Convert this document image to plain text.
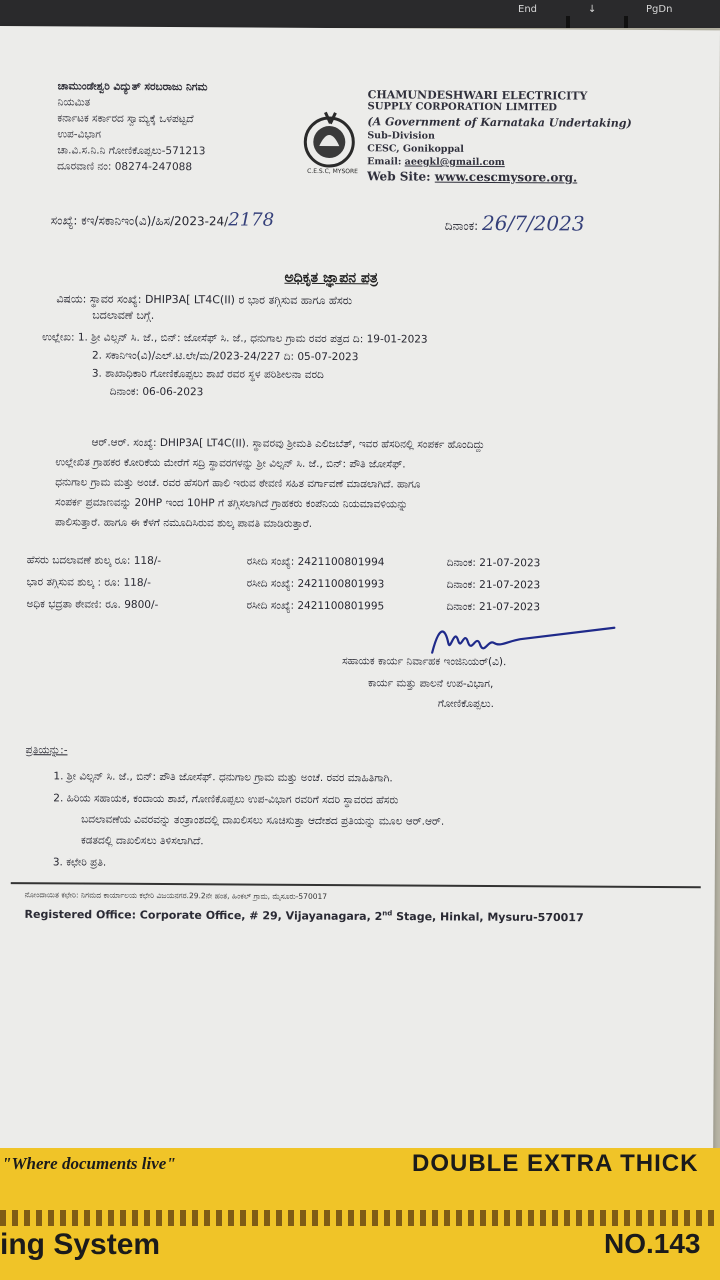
End	↓	PgDn
ಚಾಮುಂಡೇಶ್ವರಿ ವಿದ್ಯುತ್ ಸರಬರಾಜು ನಿಗಮ
ನಿಯಮಿತ
ಕರ್ನಾಟಕ ಸರ್ಕಾರದ ಸ್ವಾಮ್ಯಕ್ಕೆ ಒಳಪಟ್ಟದೆ
ಉಪ-ವಿಭಾಗ
ಚಾ.ವಿ.ಸ.ನಿ.ನಿ ಗೋಣಿಕೊಪ್ಪಲು-571213
ದೂರವಾಣಿ ನಂ: 08274-247088	C.E.S.C, MYSORE
CHAMUNDESHWARI ELECTRICITY
SUPPLY CORPORATION LIMITED
(A Government of Karnataka Undertaking)
Sub-Division
CESC, Gonikoppal
Email: aeegkl@gmail.com
Web Site: www.cescmysore.org.
ಸಂಖ್ಯೆ: ಕಇ/ಸಕಾನಿಇಂ(ವಿ)/ಹಿಸ/2023-24/2178	ದಿನಾಂಕ: 26/7/2023
ಅಧಿಕೃತ ಜ್ಞಾಪನ ಪತ್ರ
ವಿಷಯ: ಸ್ಥಾವರ ಸಂಖ್ಯೆ: DHIP3A[ LT4C(II) ರ ಭಾರ ತಗ್ಗಿಸುವ ಹಾಗೂ ಹೆಸರು
ಬದಲಾವಣೆ ಬಗ್ಗೆ.
ಉಲ್ಲೇಖ: 1. ಶ್ರೀ ವಿಲ್ಸನ್ ಸಿ. ಜೆ., ಬಿನ್: ಜೋಸೆಫ್ ಸಿ. ಜೆ., ಧನುಗಾಲ ಗ್ರಾಮ ರವರ ಪತ್ರದ ದಿ: 19-01-2023
2. ಸಕಾನಿಇಂ(ವಿ)/ಎಲ್.ಟಿ.ಲೇ/ಮ/2023-24/227 ದಿ: 05-07-2023
3. ಶಾಖಾಧಿಕಾರಿ ಗೋಣಿಕೊಪ್ಪಲು ಶಾಖೆ ರವರ ಸ್ಥಳ ಪರಿಶೀಲನಾ ವರದಿ
ದಿನಾಂಕ: 06-06-2023
ಆರ್.ಆರ್. ಸಂಖ್ಯೆ: DHIP3A[ LT4C(II). ಸ್ಥಾವರವು ಶ್ರೀಮತಿ ಎಲಿಜಬೆತ್, ಇವರ ಹೆಸರಿನಲ್ಲಿ ಸಂಪರ್ಕ ಹೊಂದಿದ್ದು
ಉಲ್ಲೇಖಿತ ಗ್ರಾಹಕರ ಕೋರಿಕೆಯ ಮೇರೆಗೆ ಸದ್ರಿ ಸ್ಥಾವರಗಳನ್ನು ಶ್ರೀ ವಿಲ್ಸನ್ ಸಿ. ಜೆ., ಬಿನ್: ಪೌತಿ ಜೋಸೆಫ್.
ಧನುಗಾಲ ಗ್ರಾಮ ಮತ್ತು ಅಂಚೆ. ರವರ ಹೆಸರಿಗೆ ಹಾಲಿ ಇರುವ ಠೇವಣಿ ಸಹಿತ ವರ್ಗಾವಣೆ ಮಾಡಲಾಗಿದೆ. ಹಾಗೂ
ಸಂಪರ್ಕ ಪ್ರಮಾಣವನ್ನು 20HP ಇಂದ 10HP ಗೆ ತಗ್ಗಿಸಲಾಗಿದೆ ಗ್ರಾಹಕರು ಕಂಪೆನಿಯ ನಿಯಮಾವಳಿಯನ್ನು
ಪಾಲಿಸುತ್ತಾರೆ. ಹಾಗೂ ಈ ಕೆಳಗೆ ನಮೂದಿಸಿರುವ ಶುಲ್ಕ ಪಾವತಿ ಮಾಡಿರುತ್ತಾರೆ.
ಹೆಸರು ಬದಲಾವಣೆ ಶುಲ್ಕ ರೂ: 118/-	ರಸೀದಿ ಸಂಖ್ಯೆ: 242110080199​4	ದಿನಾಂಕ: 21-07-2023
ಭಾರ ತಗ್ಗಿಸುವ ಶುಲ್ಕ : ರೂ: 118/-	ರಸೀದಿ ಸಂಖ್ಯೆ: 2421100801993	ದಿನಾಂಕ: 21-07-2023
ಅಧಿಕ ಭದ್ರತಾ ಠೇವಣಿ: ರೂ. 9800/-	ರಸೀದಿ ಸಂಖ್ಯೆ: 2421100801995	ದಿನಾಂಕ: 21-07-2023
ಸಹಾಯಕ ಕಾರ್ಯ ನಿರ್ವಾಹಕ ಇಂಜಿನಿಯರ್(ವಿ).
ಕಾರ್ಯ ಮತ್ತು ಪಾಲನೆ ಉಪ-ವಿಭಾಗ,
ಗೋಣಿಕೊಪ್ಪಲು.
ಪ್ರತಿಯನ್ನು:-
1. ಶ್ರೀ ವಿಲ್ಸನ್ ಸಿ. ಜೆ., ಬಿನ್: ಪೌತಿ ಜೋಸೆಫ್. ಧನುಗಾಲ ಗ್ರಾಮ ಮತ್ತು ಅಂಚೆ. ರವರ ಮಾಹಿತಿಗಾಗಿ.
2. ಹಿರಿಯ ಸಹಾಯಕ, ಕಂದಾಯ ಶಾಖೆ, ಗೋಣಿಕೊಪ್ಪಲು ಉಪ-ವಿಭಾಗ ರವರಿಗೆ ಸದರಿ ಸ್ಥಾವರದ ಹೆಸರು
ಬದಲಾವಣೆಯ ವಿವರವನ್ನು ತಂತ್ರಾಂಶದಲ್ಲಿ ದಾಖಲಿಸಲು ಸೂಚಿಸುತ್ತಾ ಆದೇಶದ ಪ್ರತಿಯನ್ನು ಮೂಲ ಆರ್.ಆರ್.
ಕಡತದಲ್ಲಿ ದಾಖಲಿಸಲು ತಿಳಿಸಲಾಗಿದೆ.
3. ಕಛೇರಿ ಪ್ರತಿ.
ನೋಂದಾಯಿತ ಕಛೇರಿ: ನಿಗಮದ ಕಾರ್ಯಾಲಯ ಕಛೇರಿ ವಿಜಯನಗರ.29.2ನೇ ಹಂತ, ಹಿಂಕಲ್ ಗ್ರಾಮ, ಮೈಸೂರು-570017
Registered Office: Corporate Office, # 29, Vijayanagara, 2nd Stage, Hinkal, Mysuru-570017
"Where documents live"	DOUBLE EXTRA THICK
ing System	NO.143
